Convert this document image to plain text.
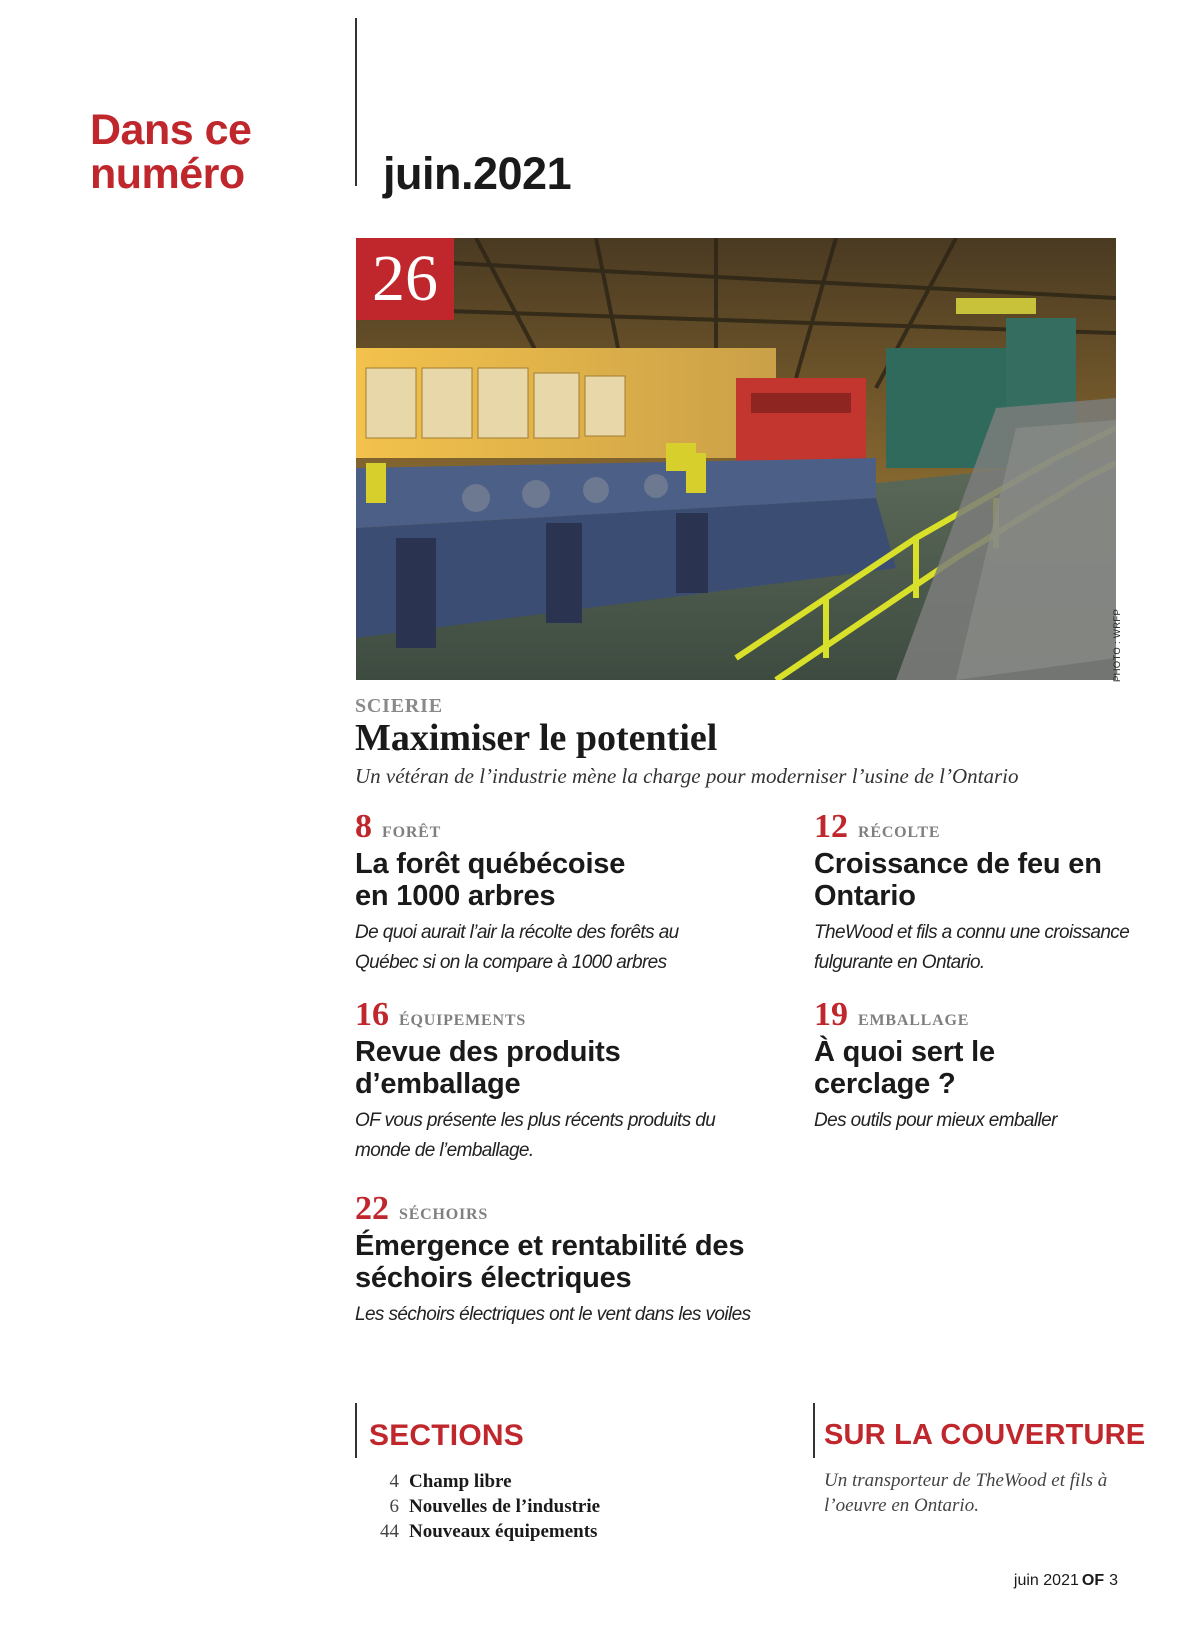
Dans ce
numéro	juin.2021
26
PHOTO : WRFP
SCIERIE
Maximiser le potentiel
Un vétéran de l’industrie mène la charge pour moderniser l’usine de l’Ontario
8 FORÊT
La forêt québécoise
en 1000 arbres
De quoi aurait l’air la récolte des forêts au
Québec si on la compare à 1000 arbres
12 RÉCOLTE
Croissance de feu en
Ontario
TheWood et fils a connu une croissance
fulgurante en Ontario.
16 ÉQUIPEMENTS
Revue des produits
d’emballage
OF vous présente les plus récents produits du
monde de l’emballage.
19 EMBALLAGE
À quoi sert le
cerclage ?
Des outils pour mieux emballer
22 SÉCHOIRS
Émergence et rentabilité des
séchoirs électriques
Les séchoirs électriques ont le vent dans les voiles
SECTIONS
4 Champ libre
6 Nouvelles de l’industrie
44 Nouveaux équipements
SUR LA COUVERTURE
Un transporteur de TheWood et fils à
l’oeuvre en Ontario.
juin 2021 OF 3
